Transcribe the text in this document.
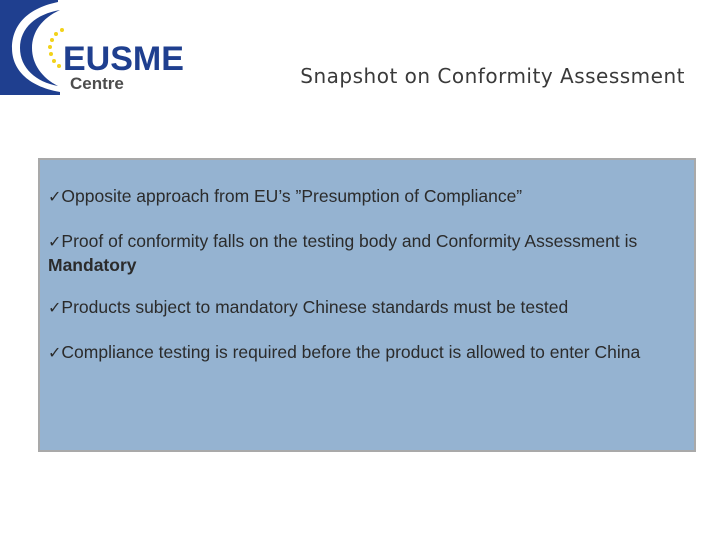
EUSME
Centre	Snapshot on Conformity Assessment
✓Opposite approach from EU’s ”Presumption of Compliance”
✓Proof of conformity falls on the testing body and Conformity Assessment is Mandatory
✓Products subject to mandatory Chinese standards must be tested
✓Compliance testing is required before the product is allowed to enter China
